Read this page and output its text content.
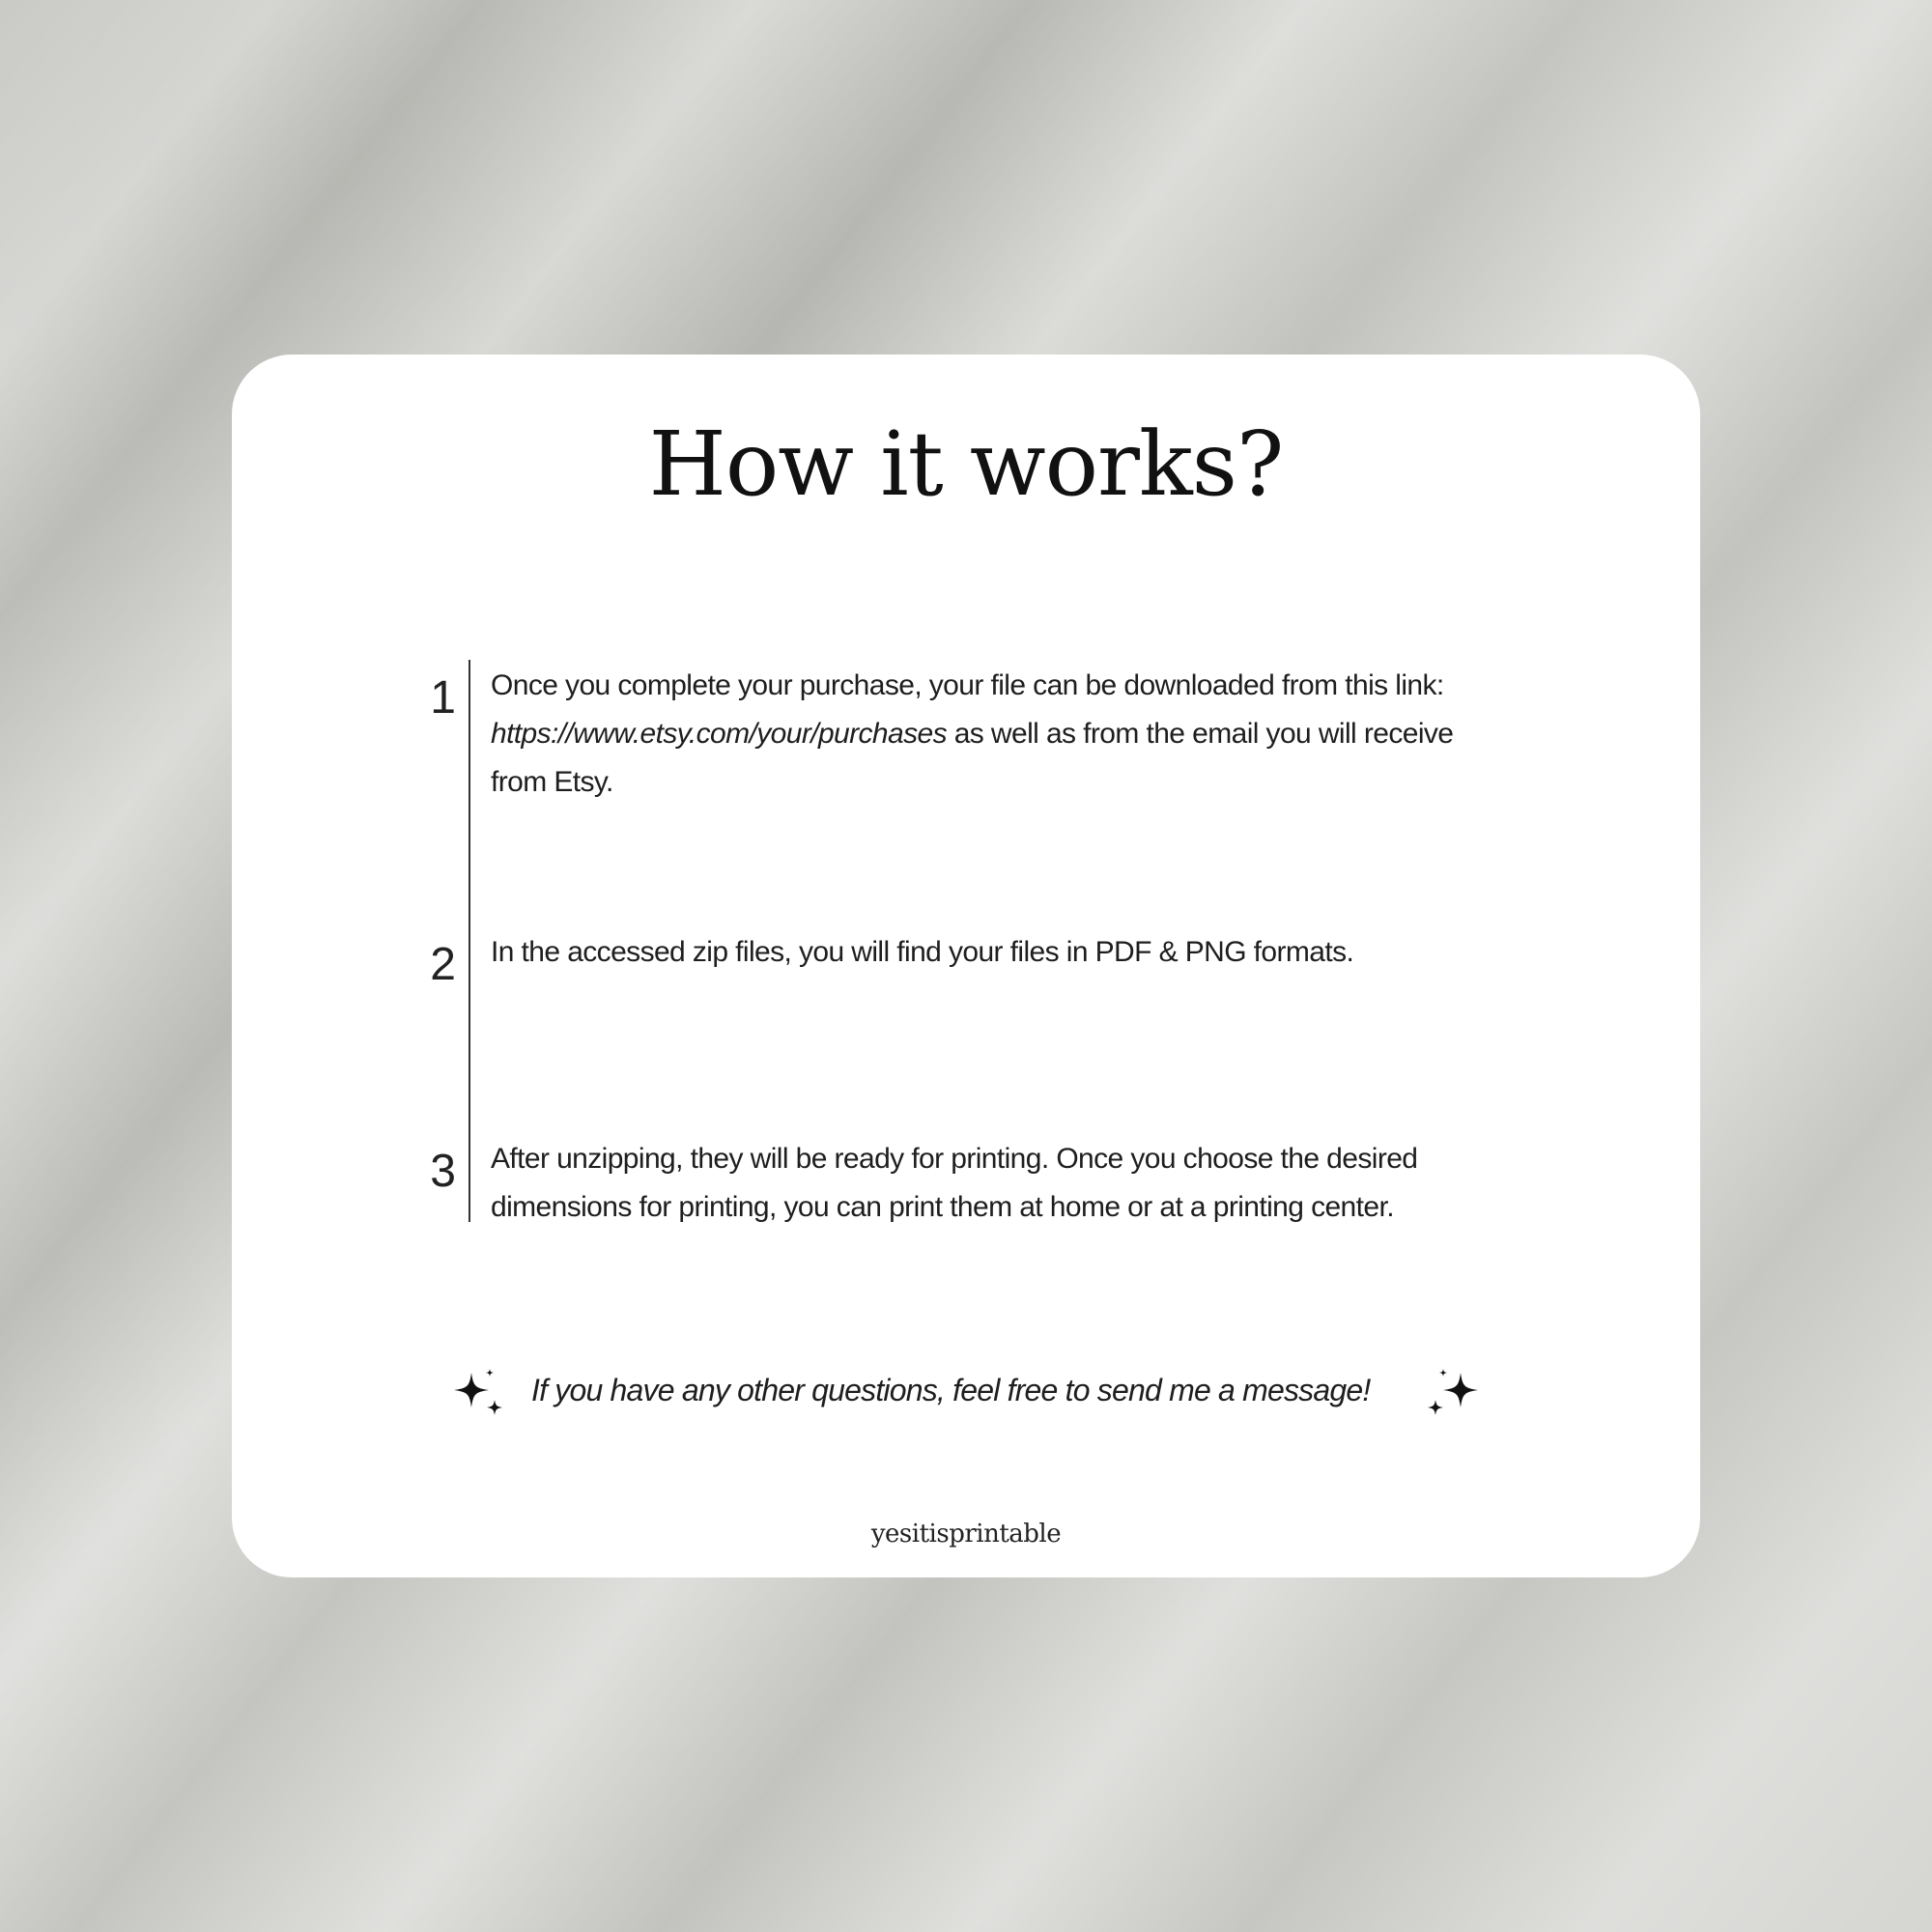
How it works?
1 Once you complete your purchase, your file can be downloaded from this link: https://www.etsy.com/your/purchases as well as from the email you will receive from Etsy.
2 In the accessed zip files, you will find your files in PDF & PNG formats.
3 After unzipping, they will be ready for printing. Once you choose the desired dimensions for printing, you can print them at home or at a printing center.
If you have any other questions, feel free to send me a message!
yesitisprintable
